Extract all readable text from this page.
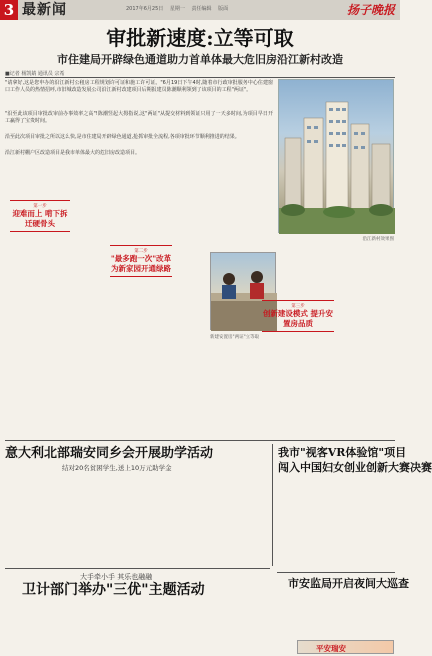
3 最新闻	2017年6月25日 星期一 责任编辑 版面	扬子晚报
审批新速度:立等可取
市住建局开辟绿色通道助力首单体最大危旧房沿江新村改造
■记者 杨凯婧 通讯员 宗希
"请拿好,这是您申办的沿江新村公租房工程规划许可证和施工许可证。"6月19日下午4时,随着市行政审批服务中心住建窗口工作人员的热情招呼,市旧城改造发展公司沿江新村改建项目后期报建员陈潮顺利领到了该项目的工程"两证"。
"沿至此该项目审批改审前办事效率之高"!陈潮竖起大拇指说,这"两证"从提交材料到领证只用了一天多时间,为项目早日开工赢得了宝贵时间。
沿至此次项目审批之所以这么快,是市住建局开辟绿色通道,抢抓审批全流程,各项审批环节顺利推进的结果。
沿江新村棚户区改造项目是我市单体最大的危旧房改造项目。
沿江新村效果图
第一步
迎难而上 啃下拆迁硬骨头
第二步
"最多跑一次"改革 为新家园开通绿路
新建安置房"两证"立等取
第三步
创新建设模式 提升安置房品质
意大利北部瑞安同乡会开展助学活动
结对20名贫困学生,送上10万元助学金
我市"视客VR体验馆"项目
闯入中国妇女创业创新大赛决赛
大手牵小手 其乐也融融
卫计部门举办"三优"主题活动	市安监局开启夜间大巡查
平安瑞安
